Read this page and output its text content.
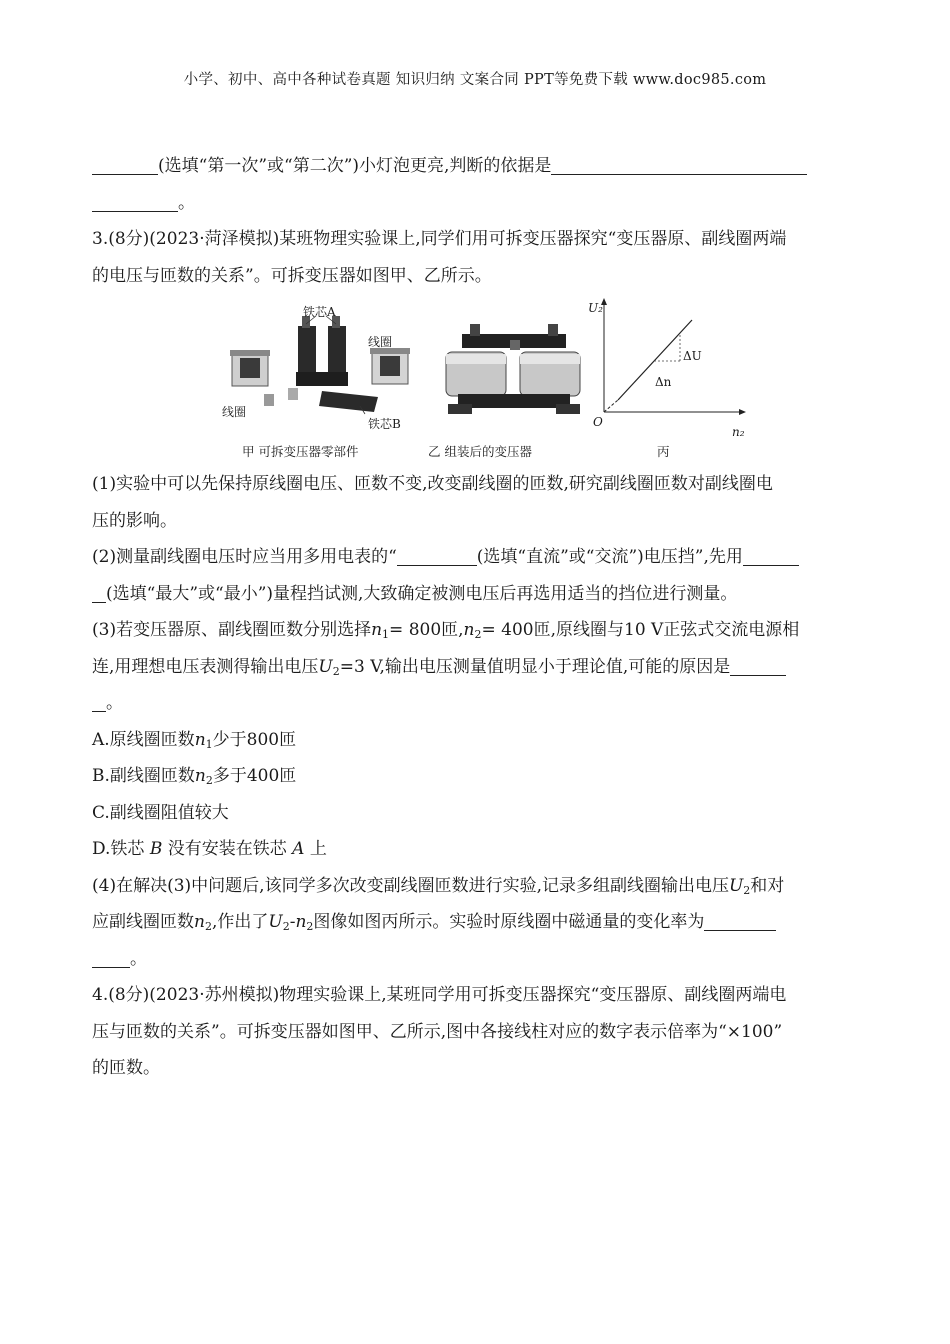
小学、初中、高中各种试卷真题 知识归纳 文案合同 PPT等免费下载 www.doc985.com
(选填“第一次”或“第二次”)小灯泡更亮,判断的依据是
。
3.(8分)(2023·菏泽模拟)某班物理实验课上,同学们用可拆变压器探究“变压器原、副线圈两端
的电压与匝数的关系”。可拆变压器如图甲、乙所示。
铁芯A
线圈
线圈
铁芯B
甲 可拆变压器零部件	乙 组装后的变压器	丙
U₂
n₂
O
ΔU
Δn
(1)实验中可以先保持原线圈电压、匝数不变,改变副线圈的匝数,研究副线圈匝数对副线圈电
压的影响。
(2)测量副线圈电压时应当用多用电表的“	(选填“直流”或“交流”)电压挡”,先用
(选填“最大”或“最小”)量程挡试测,大致确定被测电压后再选用适当的挡位进行测量。
(3)若变压器原、副线圈匝数分别选择$n_1= 800$匝$,n_2= 400$匝,原线圈与10 V正弦式交流电源相
连,用理想电压表测得输出电压$U_2=3$ V,输出电压测量值明显小于理论值,可能的原因是
。
A.原线圈匝数$n_1$少于800匝
B.副线圈匝数$n_2$多于400匝
C.副线圈阻值较大
D.铁芯 B 没有安装在铁芯 A 上
(4)在解决(3)中问题后,该同学多次改变副线圈匝数进行实验,记录多组副线圈输出电压$U_2$和对
应副线圈匝数$n_2$,作出了$U_2-n_2$图像如图丙所示。实验时原线圈中磁通量的变化率为
。
4.(8分)(2023·苏州模拟)物理实验课上,某班同学用可拆变压器探究“变压器原、副线圈两端电
压与匝数的关系”。可拆变压器如图甲、乙所示,图中各接线柱对应的数字表示倍率为“×100”
的匝数。
